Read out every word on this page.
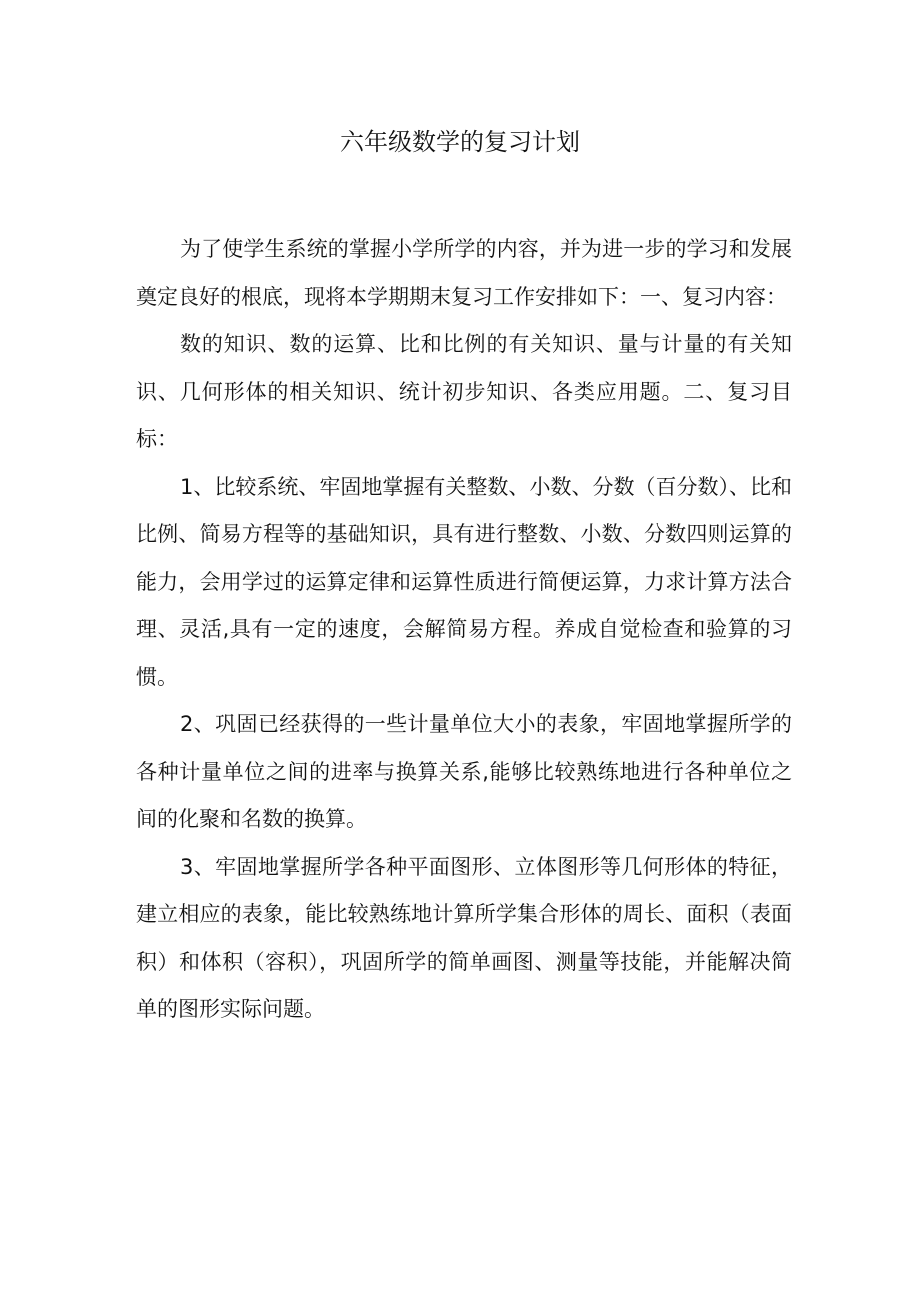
六年级数学的复习计划

为了使学生系统的掌握小学所学的内容，并为进一步的学习和发展奠定良好的根底，现将本学期期末复习工作安排如下：一、复习内容：

数的知识、数的运算、比和比例的有关知识、量与计量的有关知识、几何形体的相关知识、统计初步知识、各类应用题。二、复习目标：

1、比较系统、牢固地掌握有关整数、小数、分数（百分数）、比和比例、简易方程等的基础知识，具有进行整数、小数、分数四则运算的能力，会用学过的运算定律和运算性质进行简便运算，力求计算方法合理、灵活,具有一定的速度，会解简易方程。养成自觉检查和验算的习惯。

2、巩固已经获得的一些计量单位大小的表象，牢固地掌握所学的各种计量单位之间的进率与换算关系,能够比较熟练地进行各种单位之间的化聚和名数的换算。

3、牢固地掌握所学各种平面图形、立体图形等几何形体的特征，建立相应的表象，能比较熟练地计算所学集合形体的周长、面积（表面积）和体积（容积），巩固所学的简单画图、测量等技能，并能解决简单的图形实际问题。
